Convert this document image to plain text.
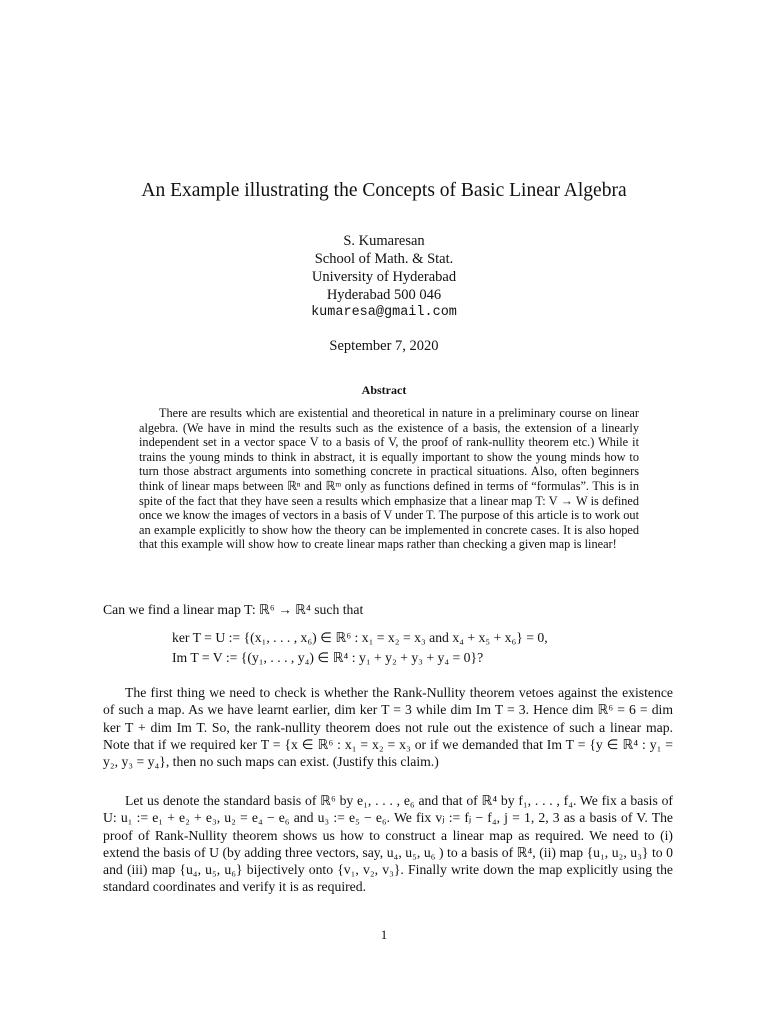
An Example illustrating the Concepts of Basic Linear Algebra
S. Kumaresan
School of Math. & Stat.
University of Hyderabad
Hyderabad 500 046
kumaresa@gmail.com
September 7, 2020
Abstract
There are results which are existential and theoretical in nature in a preliminary course on linear algebra. (We have in mind the results such as the existence of a basis, the extension of a linearly independent set in a vector space V to a basis of V, the proof of rank-nullity theorem etc.) While it trains the young minds to think in abstract, it is equally important to show the young minds how to turn those abstract arguments into something concrete in practical situations. Also, often beginners think of linear maps between ℝⁿ and ℝᵐ only as functions defined in terms of “formulas”. This is in spite of the fact that they have seen a results which emphasize that a linear map T: V → W is defined once we know the images of vectors in a basis of V under T. The purpose of this article is to work out an example explicitly to show how the theory can be implemented in concrete cases. It is also hoped that this example will show how to create linear maps rather than checking a given map is linear!
Can we find a linear map T: ℝ⁶ → ℝ⁴ such that
ker T = U := {(x₁, . . . , x₆) ∈ ℝ⁶ : x₁ = x₂ = x₃ and x₄ + x₅ + x₆} = 0,
Im T = V := {(y₁, . . . , y₄) ∈ ℝ⁴ : y₁ + y₂ + y₃ + y₄ = 0}?
The first thing we need to check is whether the Rank-Nullity theorem vetoes against the existence of such a map. As we have learnt earlier, dim ker T = 3 while dim Im T = 3. Hence dim ℝ⁶ = 6 = dim ker T + dim Im T. So, the rank-nullity theorem does not rule out the existence of such a linear map. Note that if we required ker T = {x ∈ ℝ⁶ : x₁ = x₂ = x₃ or if we demanded that Im T = {y ∈ ℝ⁴ : y₁ = y₂, y₃ = y₄}, then no such maps can exist. (Justify this claim.)
Let us denote the standard basis of ℝ⁶ by e₁, . . . , e₆ and that of ℝ⁴ by f₁, . . . , f₄. We fix a basis of U: u₁ := e₁ + e₂ + e₃, u₂ = e₄ − e₆ and u₃ := e₅ − e₆. We fix vⱼ := fⱼ − f₄, j = 1, 2, 3 as a basis of V. The proof of Rank-Nullity theorem shows us how to construct a linear map as required. We need to (i) extend the basis of U (by adding three vectors, say, u₄, u₅, u₆ ) to a basis of ℝ⁴, (ii) map {u₁, u₂, u₃} to 0 and (iii) map {u₄, u₅, u₆} bijectively onto {v₁, v₂, v₃}. Finally write down the map explicitly using the standard coordinates and verify it is as required.
1
